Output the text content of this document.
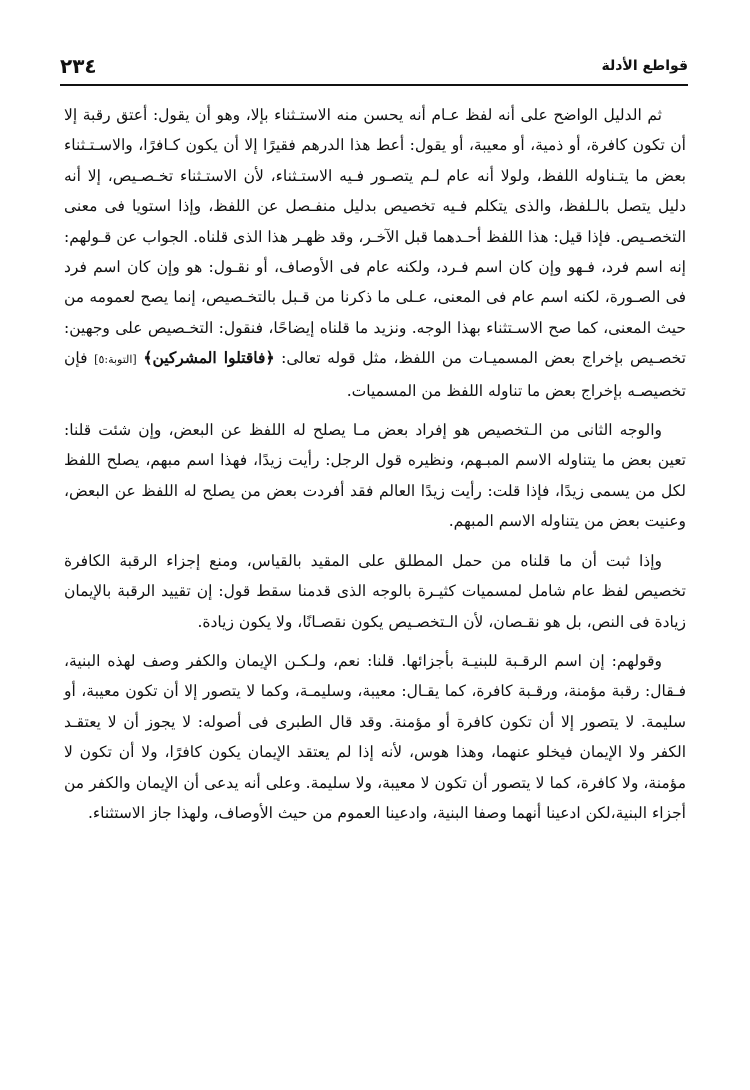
٢٣٤	قواطع الأدلة

ثم الدليل الواضح على أنه لفظ عـام أنه يحسن منه الاستـثناء بإلا، وهو أن يقول: أعتق رقبة إلا أن تكون كافرة، أو ذمية، أو معيبة، أو يقول: أعط هذا الدرهم فقيرًا إلا أن يكون كـافرًا، والاسـتـثناء بعض ما يتـناوله اللفظ، ولولا أنه عام لـم يتصـور فـيه الاستـثناء، لأن الاستـثناء تخـصـيص، إلا أنه دليل يتصل بالـلفظ، والذى يتكلم فـيه تخصيص بدليل منفـصل عن اللفظ، وإذا استويا فى معنى التخصـيص. فإذا قيل: هذا اللفظ أحـدهما قبل الآخـر، وقد ظهـر هذا الذى قلناه. الجواب عن قـولهم: إنه اسم فرد، فـهو وإن كان اسم فـرد، ولكنه عام فى الأوصاف، أو نقـول: هو وإن كان اسم فرد فى الصـورة، لكنه اسم عام فى المعنى، عـلى ما ذكرنا من قـبل بالتخـصيص، إنما يصح لعمومه من حيث المعنى، كما صح الاسـتثناء بهذا الوجه. ونزيد ما قلناه إيضاحًا، فنقول: التخـصيص على وجهين: تخصـيص بإخراج بعض المسميـات من اللفظ، مثل قوله تعالى: ﴿فاقتلوا المشركين﴾ [التوبة:٥] فإن تخصيصـه بإخراج بعض ما تناوله اللفظ من المسميات.

والوجه الثانى من الـتخصيص هو إفراد بعض مـا يصلح له اللفظ عن البعض، وإن شئت قلنا: تعين بعض ما يتناوله الاسم المبـهم، ونظيره قول الرجل: رأيت زيدًا، فهذا اسم مبهم، يصلح اللفظ لكل من يسمى زيدًا، فإذا قلت: رأيت زيدًا العالم فقد أفردت بعض من يصلح له اللفظ عن البعض، وعنيت بعض من يتناوله الاسم المبهم.

وإذا ثبت أن ما قلناه من حمل المطلق على المقيد بالقياس، ومنع إجزاء الرقبة الكافرة تخصيص لفظ عام شامل لمسميات كثيـرة بالوجه الذى قدمنا سقط قول: إن تقييد الرقبة بالإيمان زيادة فى النص، بل هو نقـصان، لأن الـتخصـيص يكون نقصـانًا، ولا يكون زيادة.

وقولهم: إن اسم الرقـبة للبنيـة بأجزائها. قلنا: نعم، ولـكـن الإيمان والكفر وصف لهذه البنية، فـقال: رقبة مؤمنة، ورقـبة كافرة، كما يقـال: معيبة، وسليمـة، وكما لا يتصور إلا أن تكون معيبة، أو سليمة. لا يتصور إلا أن تكون كافرة أو مؤمنة. وقد قال الطبرى فى أصوله: لا يجوز أن لا يعتقـد الكفر ولا الإيمان فيخلو عنهما، وهذا هوس، لأنه إذا لم يعتقد الإيمان يكون كافرًا، ولا أن تكون لا مؤمنة، ولا كافرة، كما لا يتصور أن تكون لا معيبة، ولا سليمة. وعلى أنه يدعى أن الإيمان والكفر من أجزاء البنية،لكن ادعينا أنهما وصفا البنية، وادعينا العموم من حيث الأوصاف، ولهذا جاز الاستثناء.
